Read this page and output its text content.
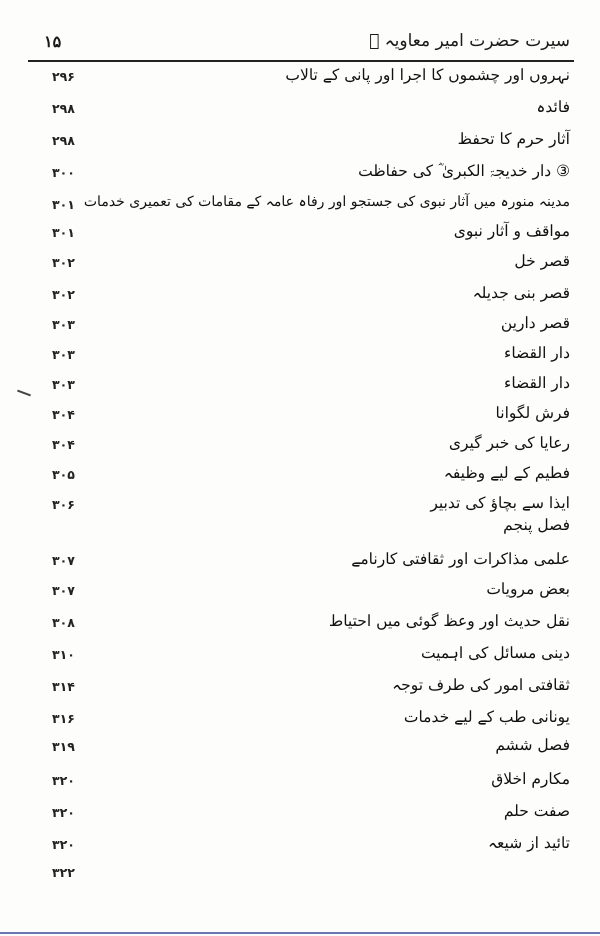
۱۵	سیرت حضرت امیر معاویہ ﷜
نہروں اور چشموں کا اجرا اور پانی کے تالاب
۲۹۶
فائدہ
۲۹۸
آثار حرم کا تحفظ
۲۹۸
③ دار خدیجۃ الکبریٰ ؓ کی حفاظت
۳۰۰
مدینہ منورہ میں آثار نبوی کی جستجو اور رفاہ عامہ کے مقامات کی تعمیری خدمات
۳۰۱
مواقف و آثار نبوی
۳۰۱
قصر خل
۳۰۲
قصر بنی جدیلہ
۳۰۲
قصر دارین
۳۰۳
دار القضاء
۳۰۳
دار القضاء
۳۰۳
فرش لگوانا
۳۰۴
رعایا کی خبر گیری
۳۰۴
فطیم کے لیے وظیفہ
۳۰۵
ایذا سے بچاؤ کی تدبیر
۳۰۶
فصل پنجم
علمی مذاکرات اور ثقافتی کارنامے
۳۰۷
بعض مرویات
۳۰۷
نقل حدیث اور وعظ گوئی میں احتیاط
۳۰۸
دینی مسائل کی اہمیت
۳۱۰
ثقافتی امور کی طرف توجہ
۳۱۴
یونانی طب کے لیے خدمات
۳۱۶
فصل ششم
۳۱۹
مکارم اخلاق
۳۲۰
صفت حلم
۳۲۰
تائید از شیعہ
۳۲۰
۳۲۲
